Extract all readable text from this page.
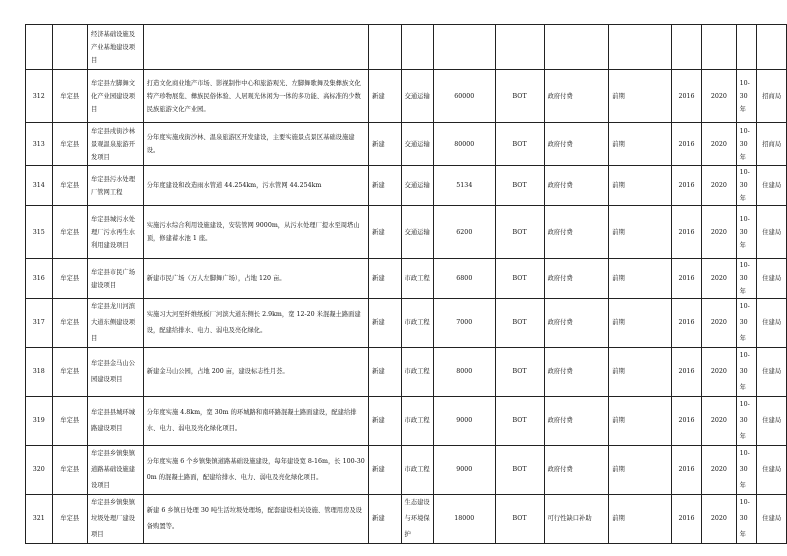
		经济基础设施及产业基地建设项目											
312	牟定县	牟定县左脚舞文化产业园建设项目	打造文化商业地产市场、影视制作中心和旅游观光、左脚舞歌舞及集彝族文化特产珍物展览、彝族民俗体验、人居观光休闲为一体的多功能、高标准的少数民族旅游文化产业园。	新建	交通运输	60000	BOT	政府付费	前期	2016	2020	10-30年	招商局
313	牟定县	牟定县戌街沙林景观温泉旅游开发项目	分年度实施戌街沙林、温泉旅游区开发建设，主要实施景点景区基础设施建设。	新建	交通运输	80000	BOT	政府付费	前期	2016	2020	10-30年	招商局
314	牟定县	牟定县污水处理厂管网工程	分年度建设和改造雨水管道 44.254km，污水管网 44.254km	新建	交通运输	5134	BOT	政府付费	前期	2016	2020	10-30年	住建局
315	牟定县	牟定县城污水处理厂污水再生水利用建设项目	实施污水综合利用设施建设，安装管网 9000m，从污水处理厂提水至周塔山顶，修建蓄水池 1 座。	新建	交通运输	6200	BOT	政府付费	前期	2016	2020	10-30年	住建局
316	牟定县	牟定县市民广场建设项目	新建市民广场（万人左脚舞广场），占地 120 亩。	新建	市政工程	6800	BOT	政府付费	前期	2016	2020	10-30年	住建局
317	牟定县	牟定县龙川河滨大道东侧建设项目	实施习大河至纤维纸板厂河滨大道东侧长 2.9km，宽 12-20 米混凝土路面建设，配建给排水、电力、弱电及亮化绿化。	新建	市政工程	7000	BOT	政府付费	前期	2016	2020	10-30年	住建局
318	牟定县	牟定县金马山公园建设项目	新建金马山公园，占地 200 亩，建设标志性月荟。	新建	市政工程	8000	BOT	政府付费	前期	2016	2020	10-30年	住建局
319	牟定县	牟定县县城环城路建设项目	分年度实施 4.8km，宽 30m 的环城路和南环路混凝土路面建设，配建给排水、电力、弱电及亮化绿化项目。	新建	市政工程	9000	BOT	政府付费	前期	2016	2020	10-30年	住建局
320	牟定县	牟定县乡镇集镇道路基础设施建设项目	分年度实施 6 个乡镇集镇道路基础设施建设，每年建设宽 8-16m，长 100-300m 的混凝土路面，配建给排水、电力、弱电及亮化绿化项目。	新建	市政工程	9000	BOT	政府付费	前期	2016	2020	10-30年	住建局
321	牟定县	牟定县乡镇集镇垃圾处理厂建设项目	新建 6 乡镇日处理 30 吨生活垃圾处理场，配套建设相关设施、管理用房及设备购置等。	新建	生态建设与环境保护	18000	BOT	可行性缺口补助	前期	2016	2020	10-30年	住建局
